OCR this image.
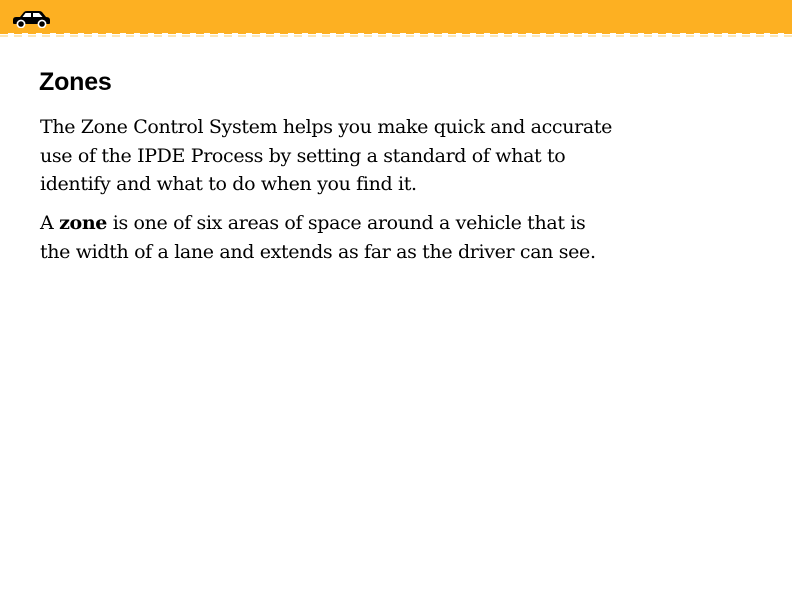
Zones

The Zone Control System helps you make quick and accurate use of the IPDE Process by setting a standard of what to identify and what to do when you find it.

A zone is one of six areas of space around a vehicle that is the width of a lane and extends as far as the driver can see.
